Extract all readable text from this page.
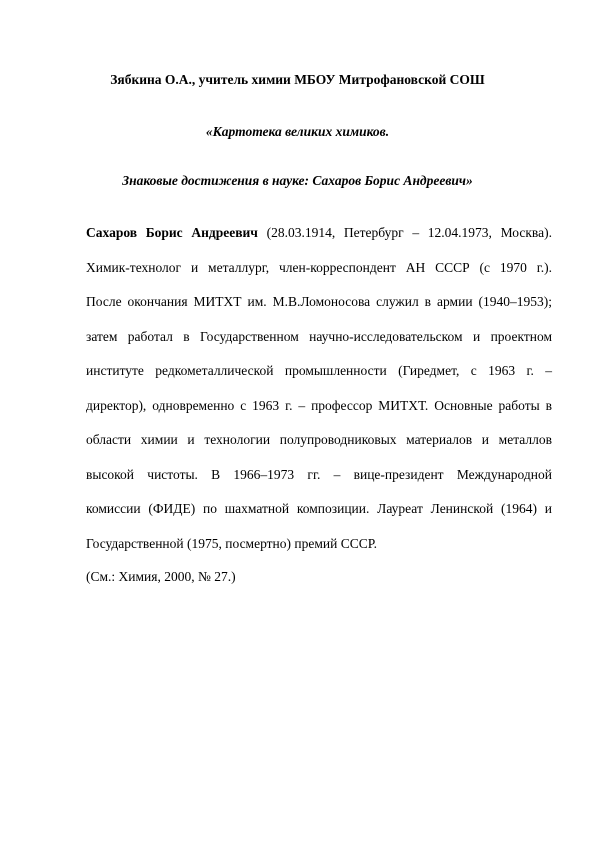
Зябкина О.А., учитель химии МБОУ Митрофановской СОШ
«Картотека великих химиков.
Знаковые достижения в науке: Сахаров Борис Андреевич»
Сахаров Борис Андреевич (28.03.1914, Петербург – 12.04.1973, Москва).
Химик-технолог и металлург, член-корреспондент АН СССР (с 1970 г.).
После окончания МИТХТ им. М.В.Ломоносова служил в армии (1940–1953);
затем работал в Государственном научно-исследовательском и проектном
институте редкометаллической промышленности (Гиредмет, с 1963 г. –
директор), одновременно с 1963 г. – профессор МИТХТ. Основные работы в
области химии и технологии полупроводниковых материалов и металлов
высокой чистоты. В 1966–1973 гг. – вице-президент Международной
комиссии (ФИДЕ) по шахматной композиции. Лауреат Ленинской (1964) и
Государственной (1975, посмертно) премий СССР.
(См.: Химия, 2000, № 27.)
